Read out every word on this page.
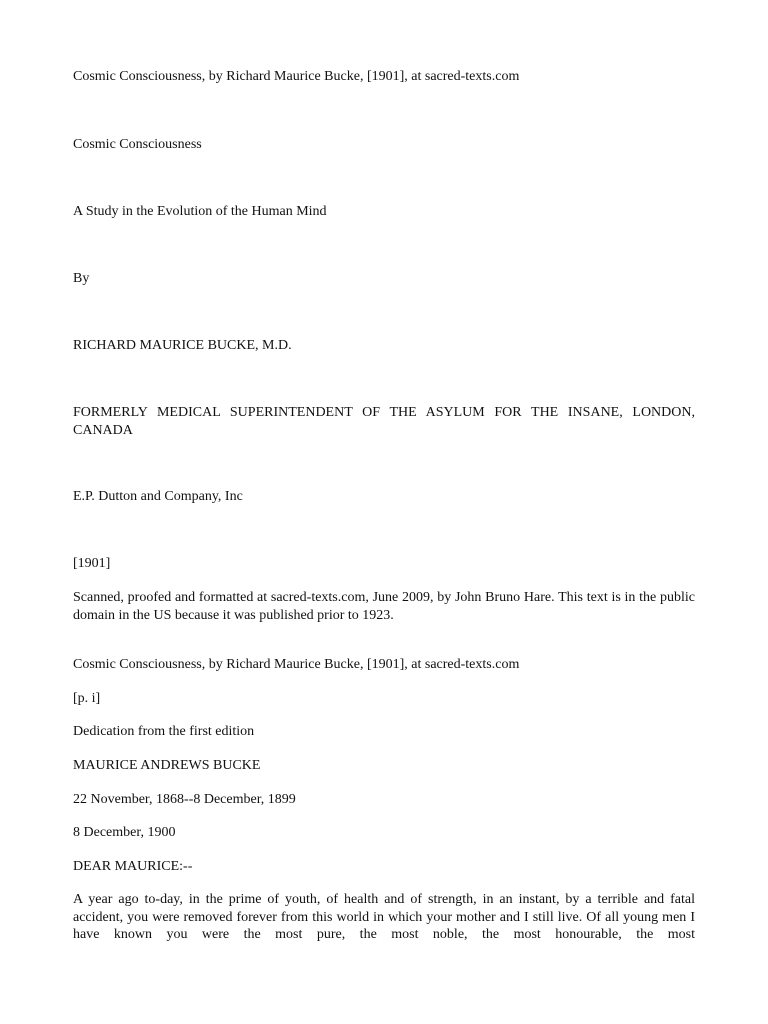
Cosmic Consciousness, by Richard Maurice Bucke, [1901], at sacred-texts.com
Cosmic Consciousness
A Study in the Evolution of the Human Mind
By
RICHARD MAURICE BUCKE, M.D.
FORMERLY MEDICAL SUPERINTENDENT OF THE ASYLUM FOR THE INSANE, LONDON, CANADA
E.P. Dutton and Company, Inc
[1901]
Scanned, proofed and formatted at sacred-texts.com, June 2009, by John Bruno Hare. This text is in the public domain in the US because it was published prior to 1923.
Cosmic Consciousness, by Richard Maurice Bucke, [1901], at sacred-texts.com
[p. i]
Dedication from the first edition
MAURICE ANDREWS BUCKE
22 November, 1868--8 December, 1899
8 December, 1900
DEAR MAURICE:--
A year ago to-day, in the prime of youth, of health and of strength, in an instant, by a terrible and fatal accident, you were removed forever from this world in which your mother and I still live. Of all young men I have known you were the most pure, the most noble, the most honourable, the most
